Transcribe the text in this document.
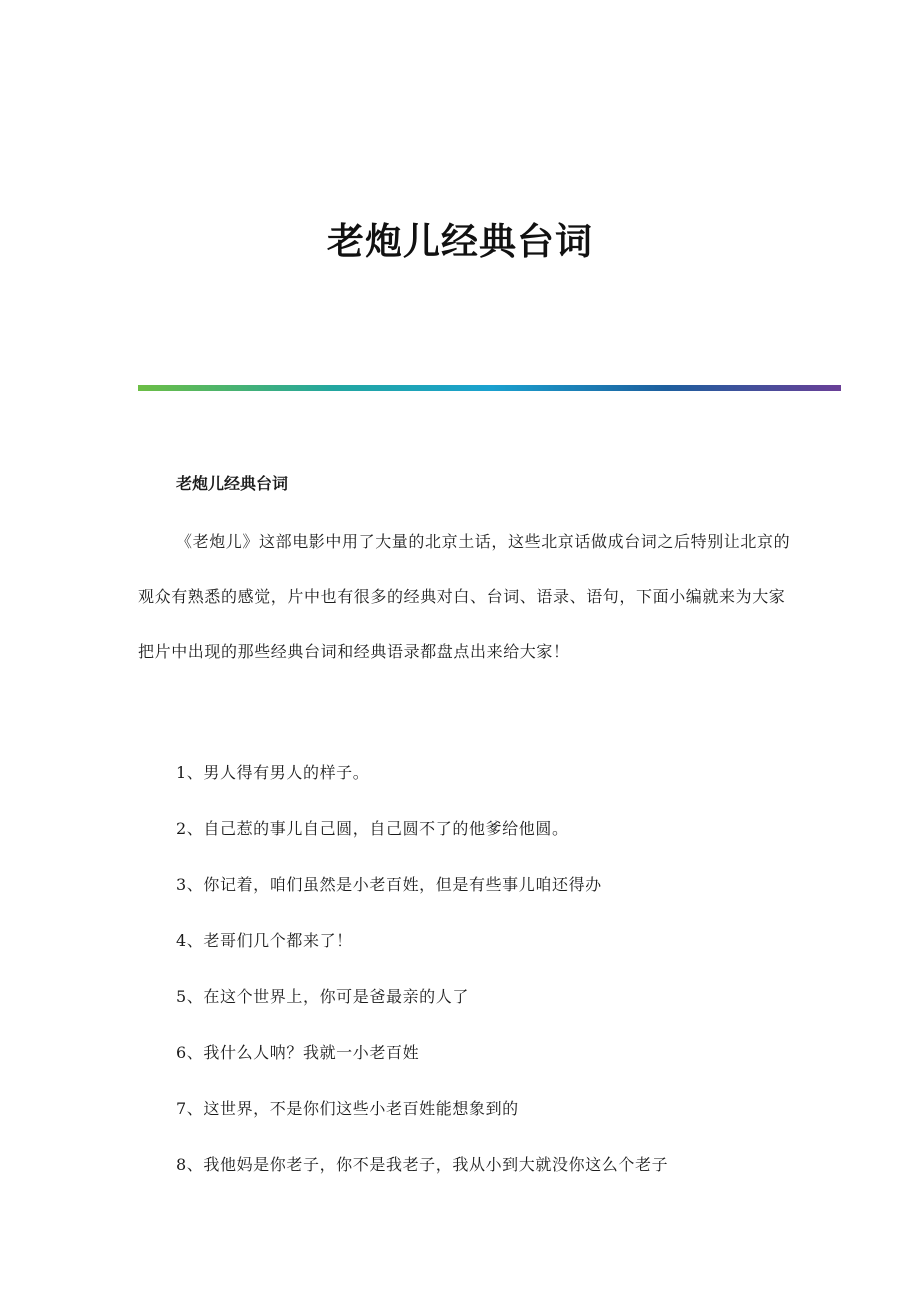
老炮儿经典台词

老炮儿经典台词

《老炮儿》这部电影中用了大量的北京土话，这些北京话做成台词之后特别让北京的观众有熟悉的感觉，片中也有很多的经典对白、台词、语录、语句，下面小编就来为大家把片中出现的那些经典台词和经典语录都盘点出来给大家！

1、男人得有男人的样子。
2、自己惹的事儿自己圆，自己圆不了的他爹给他圆。
3、你记着，咱们虽然是小老百姓，但是有些事儿咱还得办
4、老哥们几个都来了！
5、在这个世界上，你可是爸最亲的人了
6、我什么人呐？我就一小老百姓
7、这世界，不是你们这些小老百姓能想象到的
8、我他妈是你老子，你不是我老子，我从小到大就没你这么个老子
